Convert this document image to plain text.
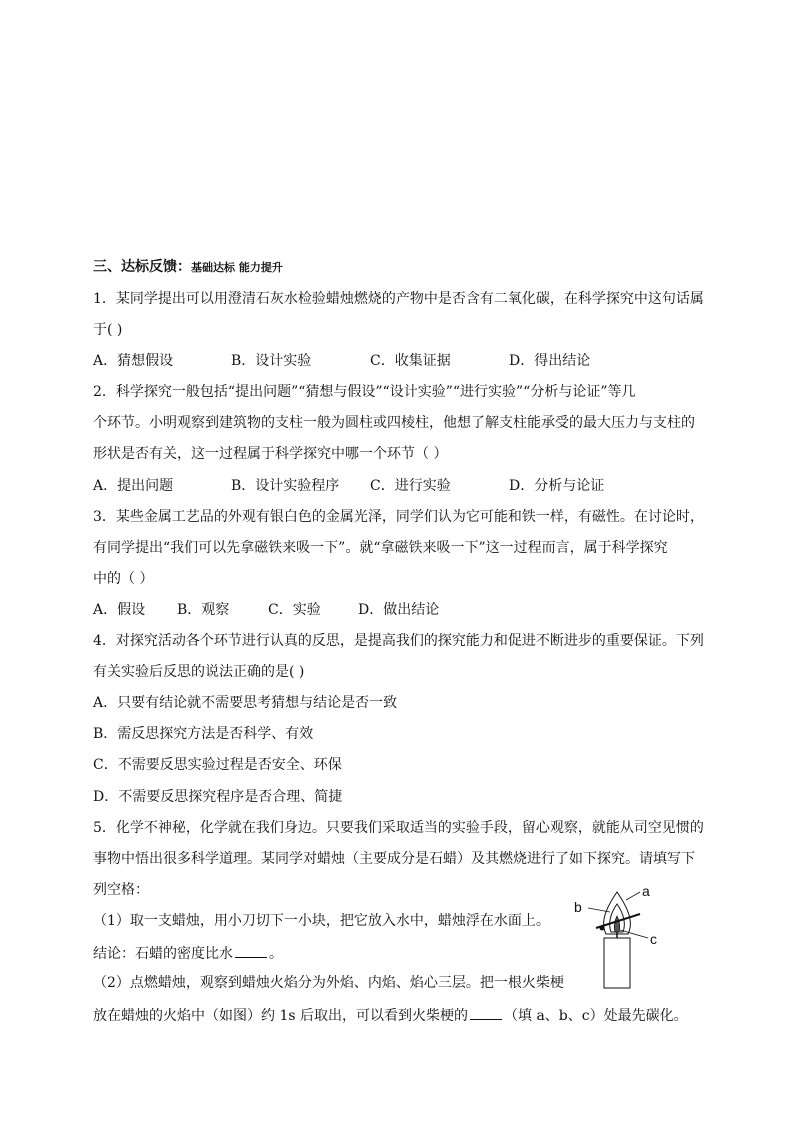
三、达标反馈：基础达标 能力提升
1．某同学提出可以用澄清石灰水检验蜡烛燃烧的产物中是否含有二氧化碳，在科学探究中这句话属
于( )
A．猜想假设	B．设计实验	C．收集证据	D．得出结论
2．科学探究一般包括“提出问题”“猜想与假设”“设计实验”“进行实验”“分析与论证”等几
个环节。小明观察到建筑物的支柱一般为圆柱或四棱柱，他想了解支柱能承受的最大压力与支柱的
形状是否有关，这一过程属于科学探究中哪一个环节（ ）
A．提出问题	B．设计实验程序 C．进行实验	D．分析与论证
3．某些金属工艺品的外观有银白色的金属光泽，同学们认为它可能和铁一样，有磁性。在讨论时，
有同学提出“我们可以先拿磁铁来吸一下”。就“拿磁铁来吸一下”这一过程而言，属于科学探究
中的（ ）
A．假设 B．观察	C．实验	D．做出结论
4．对探究活动各个环节进行认真的反思，是提高我们的探究能力和促进不断进步的重要保证。下列
有关实验后反思的说法正确的是( )
A．只要有结论就不需要思考猜想与结论是否一致
B．需反思探究方法是否科学、有效
C．不需要反思实验过程是否安全、环保
D．不需要反思探究程序是否合理、简捷
5．化学不神秘，化学就在我们身边。只要我们采取适当的实验手段，留心观察，就能从司空见惯的
事物中悟出很多科学道理。某同学对蜡烛（主要成分是石蜡）及其燃烧进行了如下探究。请填写下
列空格：
（1）取一支蜡烛，用小刀切下一小块，把它放入水中，蜡烛浮在水面上。
结论：石蜡的密度比水	。
（2）点燃蜡烛，观察到蜡烛火焰分为外焰、内焰、焰心三层。把一根火柴梗
放在蜡烛的火焰中（如图）约 1s 后取出，可以看到火柴梗的	（填 a、b、c）处最先碳化。
a
b
c
